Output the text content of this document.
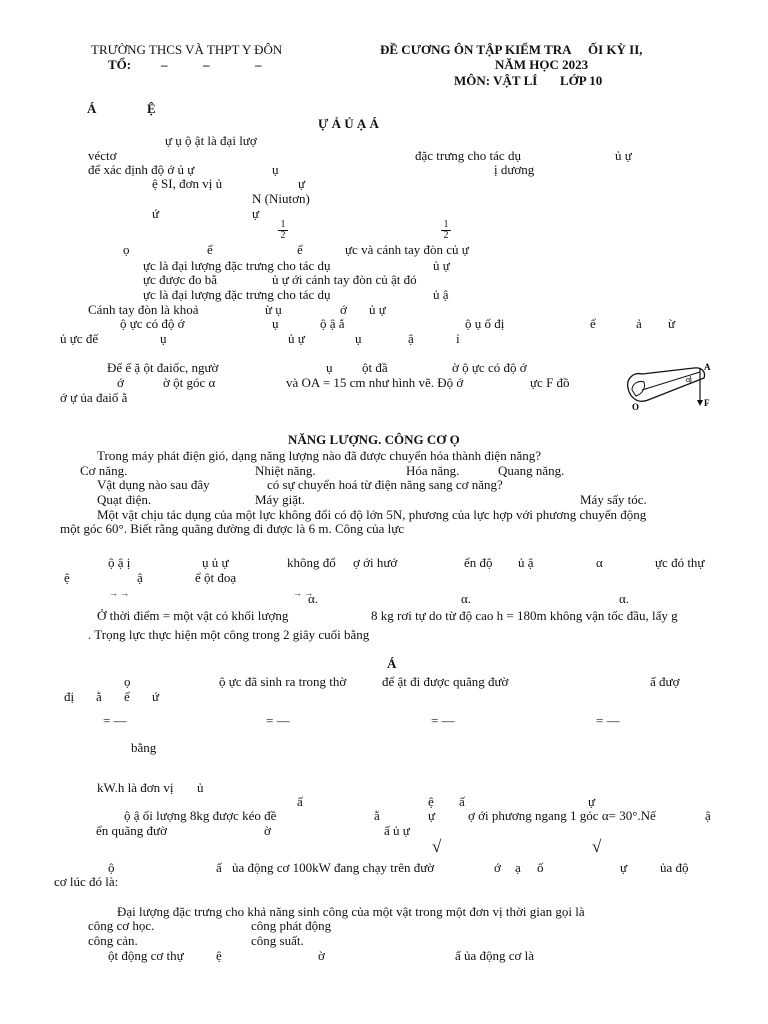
TRƯỜNG THCS VÀ THPT Y ĐÔN
TỔ: –	–	–
ĐỀ CƯƠNG ÔN TẬP KIỂM TRA ỐI KỲ II,
NĂM HỌC 2023
MÔN: VẬT LÍ LỚP 10
Á	Ệ
Ự Ả Ủ Ạ Á
ự ụ ộ ật là đại lượ
véctơ	đặc trưng cho tác dụ	ủ ự
để xác định độ ớ ủ ự	ụ	ị dương
ệ SI, đơn vị ủ	ự
N (Niutơn)
ứ	ự
$\frac{1}{2}$	$\frac{1}{2}$
ọ	ể	ể	ực và cánh tay đòn củ ự
ực là đại lượng đặc trưng cho tác dụ	ủ ự
ực được đo bằ	ủ ự ới cánh tay đòn củ ật đó
ực là đại lượng đặc trưng cho tác dụ	ủ ậ
Cánh tay đòn là khoả	ừ ụ	ớ ủ ự
ộ ực có độ ớ	ụ	ộ ậ ắ	ộ ụ ố đị	ể	ả ừ
ủ ực đế	ụ	ủ ự	ụ	ậ	ỉ
Để ế ặ ột đaiốc, ngườ	ụ ột đầ	ờ ộ ực có độ ớ
ớ	ờ ột góc α	và OA = 15 cm như hình vẽ. Độ ớ	ực F đồ
ớ ự ủa đaiố ằ
A
α
F
O
NĂNG LƯỢNG. CÔNG CƠ Ọ
Trong máy phát điện gió, dạng năng lượng nào đã được chuyển hóa thành điện năng?
Cơ năng.	Nhiệt năng.	Hóa năng.	Quang năng.
Vật dụng nào sau đây	có sự chuyển hoá từ điện năng sang cơ năng?
Quạt điện.	Máy giặt.	Máy sấy tóc.
Một vật chịu tác dụng của một lực không đổi có độ lớn 5N, phương của lực hợp với phương chuyển động
một góc 60°. Biết rằng quãng đường đi được là 6 m. Công của lực
ộ ậ ị	ụ ủ ự	không đổ ợ ới hướ	ển độ ủ ậ	α	ực đó thự
ệ	ậ	ể ột đoạ
→ →	→ →
α.	α.	α.
Ở thời điểm = một vật có khối lượng	8 kg rơi tự do từ độ cao h = 180m không vận tốc đầu, lấy g
. Trọng lực thực hiện một công trong 2 giây cuối bằng
Á
ọ	ộ ực đã sinh ra trong thờ	để ật đi được quãng đườ	ấ đượ
đị ằ ể ứ
= —	= —	= —	= —
bằng
kW.h là đơn vị ủ
ấ	ệ ấ	ự
ộ ậ ối lượng 8kg được kéo đề	ằ	ự	ợ ới phương ngang 1 góc α= 30°.Nế	ậ
ển quãng đườ	ờ	ấ ủ ự
√	√
ộ	ấ ủa động cơ 100kW đang chạy trên đườ	ớ ạ ố	ự	ủa độ
cơ lúc đó là:
Đại lượng đặc trưng cho khả năng sinh công của một vật trong một đơn vị thời gian gọi là
công cơ học.	công phát động
công cản.	công suất.
ột động cơ thự ệ	ờ	ấ ủa động cơ là
